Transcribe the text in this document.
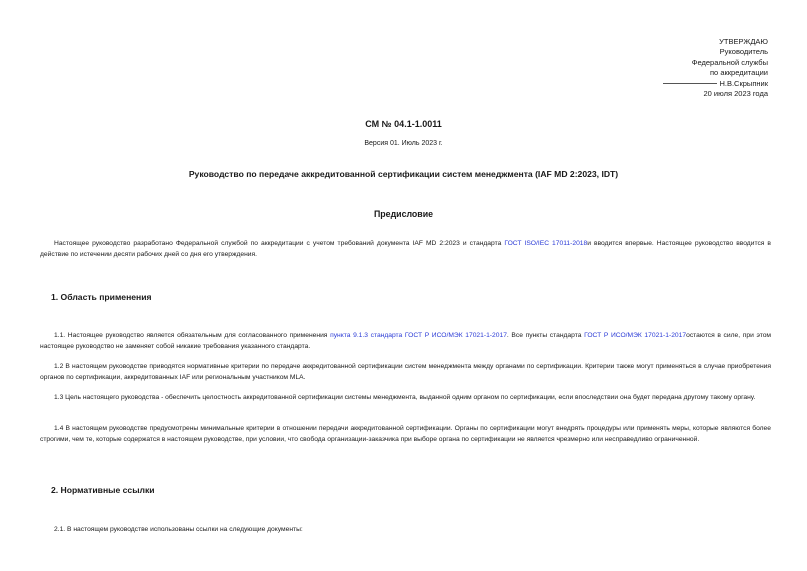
УТВЕРЖДАЮ
Руководитель
Федеральной службы
по аккредитации
Н.В.Скрыпник
20 июля 2023 года
СМ № 04.1-1.0011
Версия 01. Июль 2023 г.
Руководство по передаче аккредитованной сертификации систем менеджмента (IAF MD 2:2023, IDT)
Предисловие
Настоящее руководство разработано Федеральной службой по аккредитации с учетом требований документа IAF MD 2:2023 и стандарта ГОСТ ISO/IEC 17011-2018и вводится впервые. Настоящее руководство вводится в действие по истечении десяти рабочих дней со дня его утверждения.
1. Область применения
1.1. Настоящее руководство является обязательным для согласованного применения пункта 9.1.3 стандарта ГОСТ Р ИСО/МЭК 17021-1-2017. Все пункты стандарта ГОСТ Р ИСО/МЭК 17021-1-2017остаются в силе, при этом настоящее руководство не заменяет собой никакие требования указанного стандарта.
1.2 В настоящем руководстве приводятся нормативные критерии по передаче аккредитованной сертификации систем менеджмента между органами по сертификации. Критерии также могут применяться в случае приобретения органов по сертификации, аккредитованных IAF или региональным участником MLA.
1.3 Цель настоящего руководства - обеспечить целостность аккредитованной сертификации системы менеджмента, выданной одним органом по сертификации, если впоследствии она будет передана другому такому органу.
1.4 В настоящем руководстве предусмотрены минимальные критерии в отношении передачи аккредитованной сертификации. Органы по сертификации могут внедрять процедуры или применять меры, которые являются более строгими, чем те, которые содержатся в настоящем руководстве, при условии, что свобода организации-заказчика при выборе органа по сертификации не является чрезмерно или несправедливо ограниченной.
2. Нормативные ссылки
2.1. В настоящем руководстве использованы ссылки на следующие документы:
